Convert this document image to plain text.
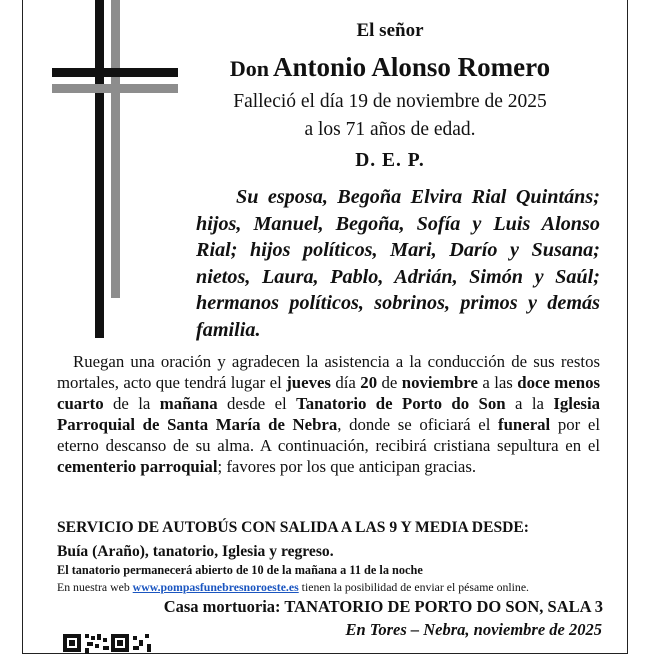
El señor
Don Antonio Alonso Romero
Falleció el día 19 de noviembre de 2025
a los 71 años de edad.
D. E. P.

Su esposa, Begoña Elvira Rial Quintáns; hijos, Manuel, Begoña, Sofía y Luis Alonso Rial; hijos políticos, Mari, Darío y Susana; nietos, Laura, Pablo, Adrián, Simón y Saúl; hermanos políticos, sobrinos, primos y demás familia.

Ruegan una oración y agradecen la asistencia a la conducción de sus restos mortales, acto que tendrá lugar el jueves día 20 de noviembre a las doce menos cuarto de la mañana desde el Tanatorio de Porto do Son a la Iglesia Parroquial de Santa María de Nebra, donde se oficiará el funeral por el eterno descanso de su alma. A continuación, recibirá cristiana sepultura en el cementerio parroquial; favores por los que anticipan gracias.

SERVICIO DE AUTOBÚS CON SALIDA A LAS 9 Y MEDIA DESDE:

Buía (Araño), tanatorio, Iglesia y regreso.
El tanatorio permanecerá abierto de 10 de la mañana a 11 de la noche
En nuestra web www.pompasfunebresnoroeste.es tienen la posibilidad de enviar el pésame online.
Casa mortuoria: TANATORIO DE PORTO DO SON, SALA 3
En Tores – Nebra, noviembre de 2025
